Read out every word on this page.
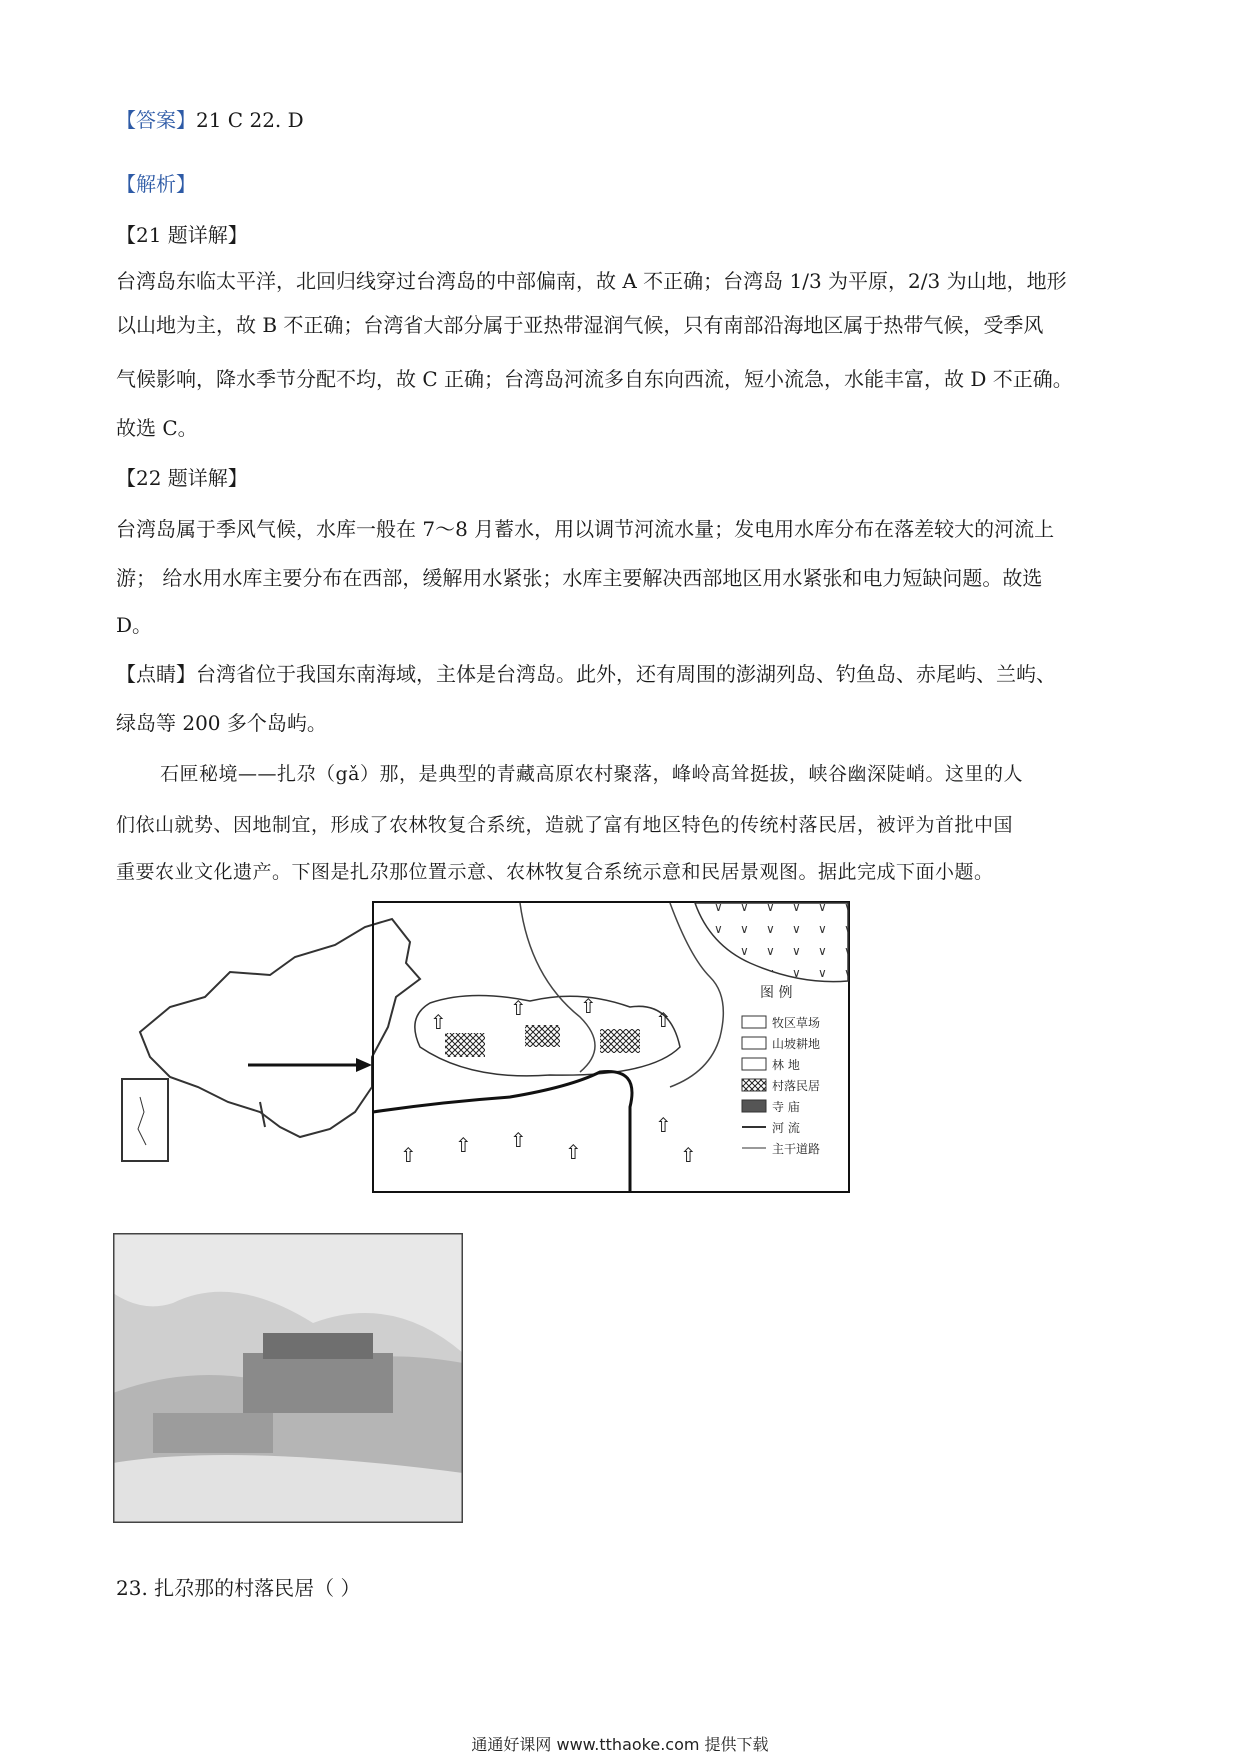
【答案】21 C 22. D
【解析】
【21 题详解】
台湾岛东临太平洋，北回归线穿过台湾岛的中部偏南，故 A 不正确；台湾岛 1/3 为平原，2/3 为山地，地形
以山地为主，故 B 不正确；台湾省大部分属于亚热带湿润气候，只有南部沿海地区属于热带气候，受季风
气候影响，降水季节分配不均，故 C 正确；台湾岛河流多自东向西流，短小流急，水能丰富，故 D 不正确。
故选 C。
【22 题详解】
台湾岛属于季风气候，水库一般在 7～8 月蓄水，用以调节河流水量；发电用水库分布在落差较大的河流上
游； 给水用水库主要分布在西部，缓解用水紧张；水库主要解决西部地区用水紧张和电力短缺问题。故选
D。
【点睛】台湾省位于我国东南海域，主体是台湾岛。此外，还有周围的澎湖列岛、钓鱼岛、赤尾屿、兰屿、
绿岛等 200 多个岛屿。
石匣秘境——扎尕（gǎ）那，是典型的青藏高原农村聚落，峰岭高耸挺拔，峡谷幽深陡峭。这里的人
们依山就势、因地制宜，形成了农林牧复合系统，造就了富有地区特色的传统村落民居，被评为首批中国
重要农业文化遗产。下图是扎尕那位置示意、农林牧复合系统示意和民居景观图。据此完成下面小题。
⇧
⇧	⇧
⇧
⇧ ⇧ ⇧ ⇧
⇧
⇧
图 例
牧区草场
山坡耕地
林 地
村落民居
寺 庙
河 流
主干道路
23. 扎尕那的村落民居（ ）
通通好课网 www.tthaoke.com 提供下载
